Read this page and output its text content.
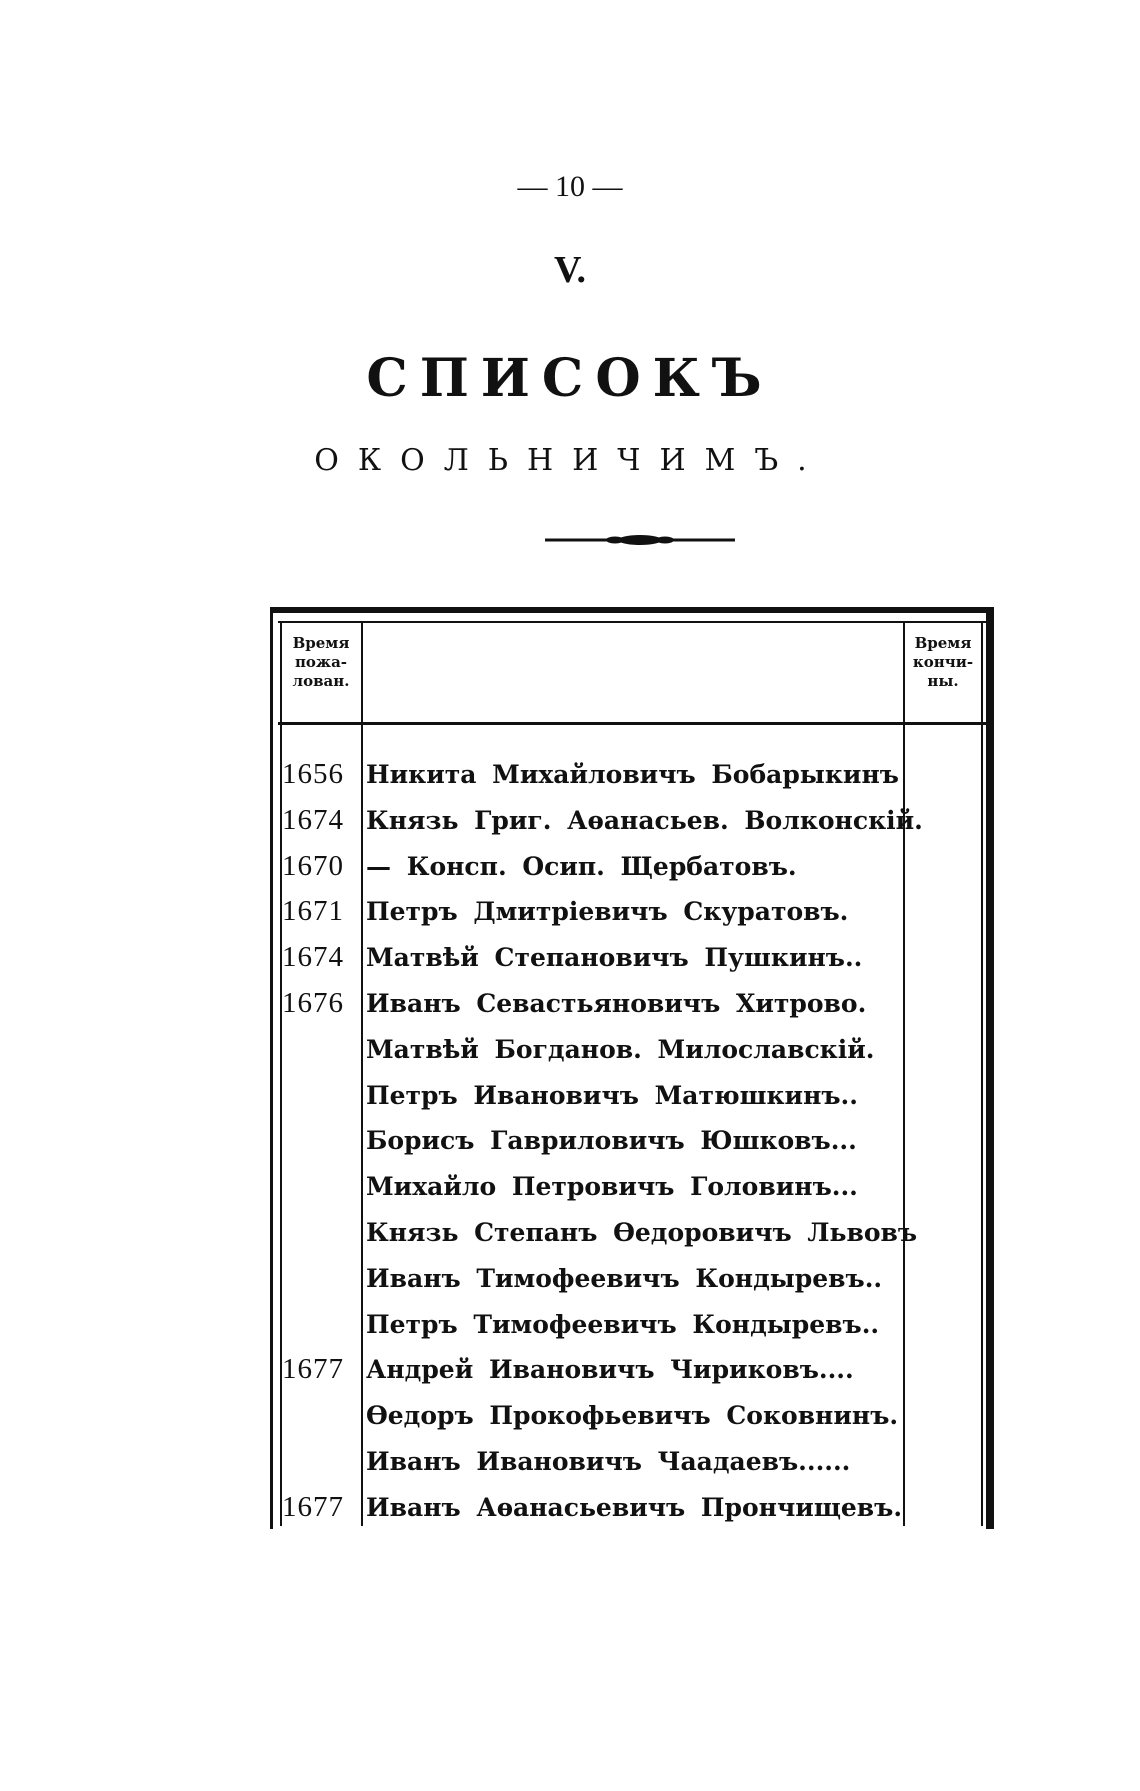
— 10 —
V.
СПИСОКЪ
ОКОЛЬНИЧИМЪ.
Время пожа-лован.
Время кончи-ны.
1656 Никита Михайловичъ Бобарыкинъ
1674 Князь Григ. Аѳанасьев. Волконскій.
1670 — Консп. Осип. Щербатовъ.
1671 Петръ Дмитріевичъ Скуратовъ.
1674 Матвѣй Степановичъ Пушкинъ..
1676 Иванъ Севастьяновичъ Хитрово.
Матвѣй Богданов. Милославскій.
Петръ Ивановичъ Матюшкинъ..
Борисъ Гавриловичъ Юшковъ...
Михайло Петровичъ Головинъ...
Князь Степанъ Ѳедоровичъ Львовъ
Иванъ Тимофеевичъ Кондыревъ..
Петръ Тимофеевичъ Кондыревъ..
1677 Андрей Ивановичъ Чириковъ....
Ѳедоръ Прокофьевичъ Соковнинъ.
Иванъ Ивановичъ Чаадаевъ......
1677 Иванъ Аѳанасьевичъ Прончищевъ.
